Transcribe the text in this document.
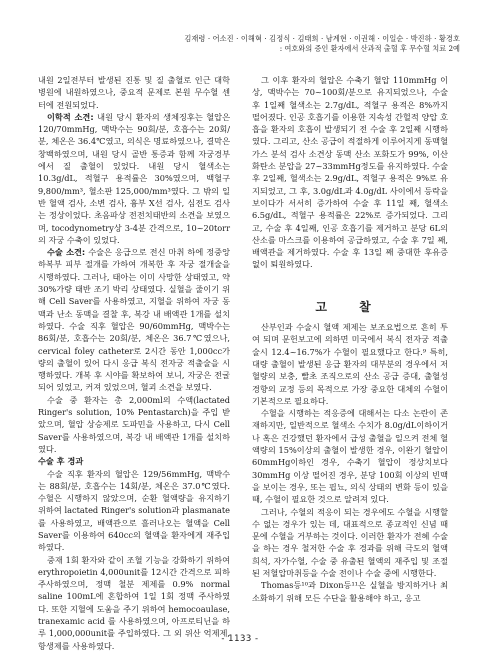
김재령 · 어소진 · 이해혁 · 김정식 · 김태희 · 남계현 · 이권해 · 이일순 · 박진하 · 황경호
: 여호와의 증인 환자에서 산과적 출혈 후 무수혈 치료 2예

내원 2일전부터 발생된 진통 및 질 출혈로 인근 대학 병원에 내원하였으나, 중요적 문제로 본원 무수혈 센터에 전원되었다.

이학적 소견: 내원 당시 환자의 생체징후는 혈압은 120/70mmHg, 맥박수는 90회/분, 호흡수는 20회/분, 체온은 36.4℃였고, 의식은 명료하였으나, 결막은 창백하였으며, 내원 당시 골반 통증과 함께 자궁경부에서 질 출혈이 있었다. 내원 당시 혈색소는 10.3g/dL, 적혈구 용적률은 30%였으며, 백혈구 9,800/mm³, 혈소판 125,000/mm³였다. 그 밖의 일반 혈액 검사, 소변 검사, 흉부 X선 검사, 심전도 검사는 정상이었다. 초음파상 전전치태반의 소견을 보였으며, tocodynometry상 3-4분 간격으로, 10~20torr의 자궁 수축이 있었다.

수술 소견: 수술은 응급으로 전신 마취 하에 정중앙 하복부 피부 절개를 가하여 개복한 후 자궁 절개술을 시행하였다. 그러나, 태아는 이미 사망한 상태였고, 약 30%가량 태반 조기 박리 상태였다. 실혈을 줄이기 위해 Cell Saver를 사용하였고, 지혈을 위하여 자궁 동맥과 난소 동맥을 결찰 후, 복강 내 배액관 1개를 설치하였다. 수술 직후 혈압은 90/60mmHg, 맥박수는 86회/분, 호흡수는 20회/분, 체온은 36.7℃였으나, cervical foley catheter로 2시간 동안 1,000cc가량의 출혈이 있어 다시 응급 복식 전자궁 적출술을 시행하였다. 개복 후 시야를 확보하여 보니, 자궁은 전굴되어 있었고, 커져 있었으며, 혈괴 소견을 보였다.

수술 중 환자는 총 2,000ml의 수액(lactated Ringer's solution, 10% Pentastarch)을 주입 받았으며, 혈압 상승제로 도파민을 사용하고, 다시 Cell Saver를 사용하였으며, 복강 내 배액관 1개를 설치하였다.

수술 후 경과

수술 직후 환자의 혈압은 129/56mmHg, 맥박수는 88회/분, 호흡수는 14회/분, 체온은 37.0℃였다. 수혈은 시행하지 않았으며, 순환 혈액량을 유지하기 위하여 lactated Ringer's solution과 plasmanate를 사용하였고, 배액관으로 흘러나오는 혈액을 Cell Saver를 이용하여 640cc의 혈액을 환자에게 재주입하였다.

중재 1회 환자와 같이 조혈 기능을 강화하기 위하여 erythropoietin 4,000unit를 12시간 간격으로 피하 주사하였으며, 정맥 철분 제제를 0.9% normal saline 100mL에 혼합하여 1일 1회 정맥 주사하였다. 또한 지혈에 도움을 주기 위하여 hemocoaulase, tranexamic acid 를 사용하였으며, 아프로티닌을 하루 1,000,000unit를 주입하였다. 그 외 위산 억제제, 항생제를 사용하였다.

그 이후 환자의 혈압은 수축기 혈압 110mmHg 이상, 맥박수는 70~100회/분으로 유지되었으나, 수술 후 1일째 혈색소는 2.7g/dL, 적혈구 용적은 8%까지 떨어졌다. 인공 호흡기를 이용한 지속성 간헐적 양압 호흡을 환자의 호흡이 발생되기 전 수술 후 2일째 시행하였다. 그리고, 산소 공급이 적절하게 이루어지게 동맥혈 가스 분석 검사 소견상 동맥 산소 포화도가 99%, 이산화탄소 분압을 27~33mmHg정도를 유지하였다. 수술 후 2일째, 혈색소는 2.9g/dL, 적혈구 용적은 9%로 유지되었고, 그 후, 3.0g/dL과 4.0g/dL 사이에서 등락을 보이다가 서서히 증가하여 수술 후 11일 째, 혈색소 6.5g/dL, 적혈구 용적률은 22%로 증가되었다. 그리고, 수술 후 4일째, 인공 호흡기를 제거하고 분당 6L의 산소를 마스크를 이용하여 공급하였고, 수술 후 7일 째, 배액관을 제거하였다. 수술 후 13일 째 중대한 후유증 없이 퇴원하였다.

고 찰

산부인과 수술시 혈액 제제는 보조요법으로 흔히 투여 되며 문헌보고에 의하면 미국에서 복식 전자궁 적출술시 12.4~16.7%가 수혈이 필요했다고 한다.⁹ 특히, 대량 출혈이 발생된 응급 환자의 대부분의 경우에서 저혈량의 보충, 빨초 조직으로의 산소 공급 증대, 출혈성 경향의 교정 등의 목적으로 가장 중요한 대체의 수혈이 기본적으로 필요하다.

수혈을 시행하는 적응증에 대해서는 다소 논란이 존재하지만, 일반적으로 혈색소 수치가 8.0g/dL이하이거나 혹은 건강했던 환자에서 급성 출혈을 일으켜 전체 혈액량의 15%이상의 출혈이 발생한 경우, 이완기 혈압이 60mmHg이하인 경우, 수축기 혈압이 정상치보다 30mmHg 이상 떨어진 경우, 분당 100회 이상의 빈맥을 보이는 경우, 또는 핍뇨, 의식 상태의 변화 등이 있을 때, 수혈이 필요한 것으로 알려져 있다.

그러나, 수혈의 적응이 되는 경우에도 수혈을 시행할 수 없는 경우가 있는 데, 대표적으로 종교적인 신념 때문에 수혈을 거부하는 것이다. 이러한 환자가 전혜 수술을 하는 경우 철저한 수술 후 경과를 위해 극도의 혈액희석, 자가수혈, 수술 중 유출된 혈액의 재주입 및 조절된 저혈압마취등을 수술 전이나 수술 중에 시행한다.

Thomas등¹⁰과 Dixon등¹¹은 실혈을 방지하거나 최소화하기 위해 모든 수단을 활용해야 하고, 응고

- 1133 -
